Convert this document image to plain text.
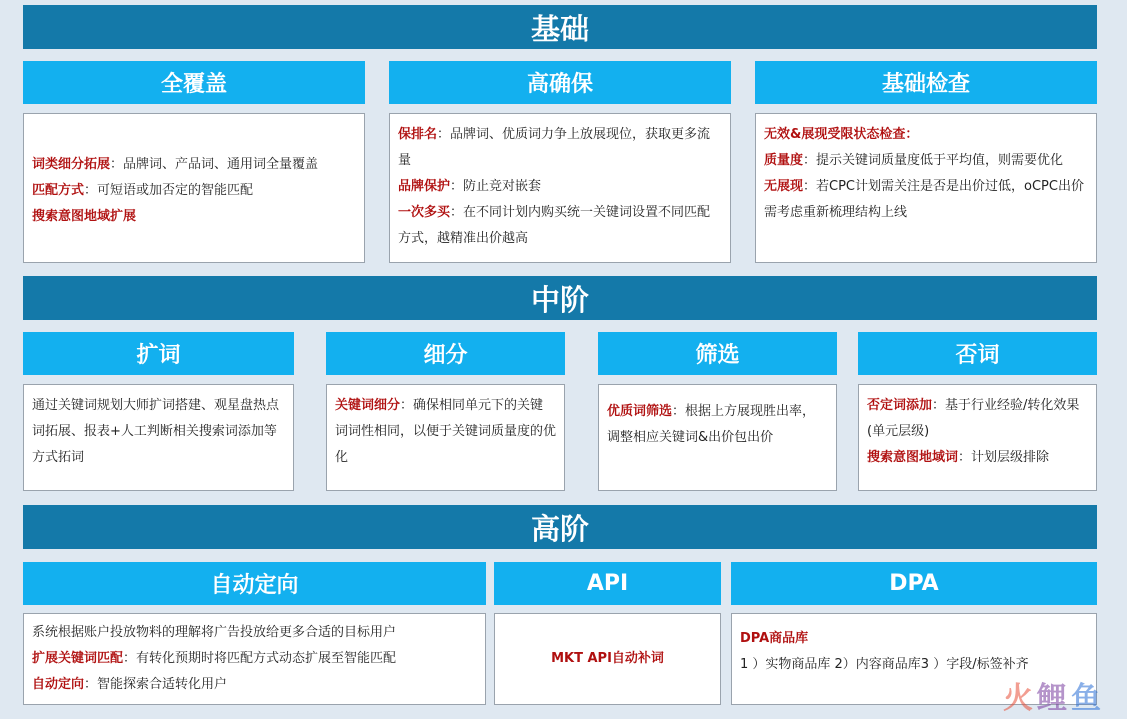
基础
全覆盖
词类细分拓展：品牌词、产品词、通用词全量覆盖
匹配方式：可短语或加否定的智能匹配
搜索意图地域扩展
高确保
保排名：品牌词、优质词力争上放展现位，获取更多流量
品牌保护：防止竞对嵌套
一次多买：在不同计划内购买统一关键词设置不同匹配方式，越精准出价越高
基础检查
无效&展现受限状态检查：
质量度：提示关键词质量度低于平均值，则需要优化
无展现：若CPC计划需关注是否是出价过低，oCPC出价需考虑重新梳理结构上线
中阶
扩词
通过关键词规划大师扩词搭建、观星盘热点词拓展、报表+人工判断相关搜索词添加等方式拓词
细分
关键词细分：确保相同单元下的关键词词性相同，以便于关键词质量度的优化
筛选
优质词筛选：根据上方展现胜出率，调整相应关键词&出价包出价
否词
否定词添加：基于行业经验/转化效果(单元层级)
搜索意图地域词：计划层级排除
高阶
自动定向
系统根据账户投放物料的理解将广告投放给更多合适的目标用户
扩展关键词匹配：有转化预期时将匹配方式动态扩展至智能匹配
自动定向：智能探索合适转化用户
API
MKT API自动补词
DPA
DPA商品库
1 ）实物商品库 2）内容商品库3 ）字段/标签补齐
火鲤鱼
